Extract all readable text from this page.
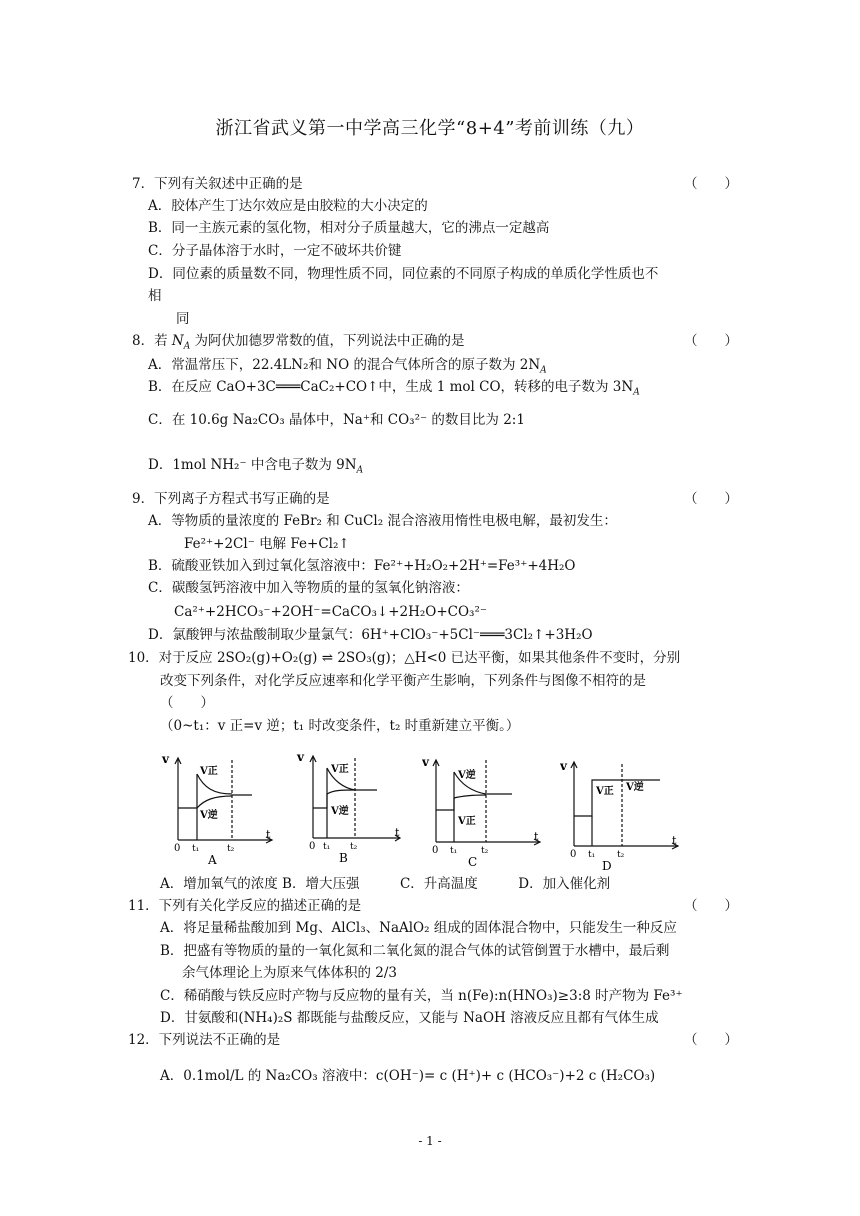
浙江省武义第一中学高三化学“8+4”考前训练（九）
7．下列有关叙述中正确的是	（　　）
A．胶体产生丁达尔效应是由胶粒的大小决定的
B．同一主族元素的氢化物，相对分子质量越大，它的沸点一定越高
C．分子晶体溶于水时，一定不破坏共价键
D．同位素的质量数不同，物理性质不同，同位素的不同原子构成的单质化学性质也不
相
同
8．若 $N_A$ 为阿伏加德罗常数的值，下列说法中正确的是	（　　）
A．常温常压下，22.4LN₂和 NO 的混合气体所含的原子数为 $2N_A$
B．在反应 CaO+3C═══CaC₂+CO↑中，生成 1 mol CO，转移的电子数为 $3N_A$
C．在 10.6g Na₂CO₃ 晶体中，Na⁺和 CO₃²⁻ 的数目比为 2:1
D．1mol NH₂⁻ 中含电子数为 $9N_A$
9．下列离子方程式书写正确的是	（　　）
A．等物质的量浓度的 FeBr₂ 和 CuCl₂ 混合溶液用惰性电极电解，最初发生：
Fe²⁺+2Cl⁻ 电解 Fe+Cl₂↑
B．硫酸亚铁加入到过氧化氢溶液中：Fe²⁺+H₂O₂+2H⁺=Fe³⁺+4H₂O
C．碳酸氢钙溶液中加入等物质的量的氢氧化钠溶液：
Ca²⁺+2HCO₃⁻+2OH⁻=CaCO₃↓+2H₂O+CO₃²⁻
D．氯酸钾与浓盐酸制取少量氯气：6H⁺+ClO₃⁻+5Cl⁻═══3Cl₂↑+3H₂O
10．对于反应 2SO₂(g)+O₂(g) ⇌ 2SO₃(g)；△H<0 已达平衡，如果其他条件不变时，分别
改变下列条件，对化学反应速率和化学平衡产生影响，下列条件与图像不相符的是
（　　）
（0~t₁：v 正=v 逆；t₁ 时改变条件，t₂ 时重新建立平衡。）
v
V正
V逆
0 t₁	t₂
t
A
v
V正
V逆
0 t₁ t₂
t
B
v
V逆
V正
0 t₁	t₂
t
C
v
V正 V逆
0 t₁ t₂
t
D
A．增加氧气的浓度 B．增大压强　　　C．升高温度　　　D．加入催化剂
11．下列有关化学反应的描述正确的是	（　　）
A．将足量稀盐酸加到 Mg、AlCl₃、NaAlO₂ 组成的固体混合物中，只能发生一种反应
B．把盛有等物质的量的一氧化氮和二氧化氮的混合气体的试管倒置于水槽中，最后剩
余气体理论上为原来气体体积的 2/3
C．稀硝酸与铁反应时产物与反应物的量有关，当 n(Fe):n(HNO₃)≥3:8 时产物为 Fe³⁺
D．甘氨酸和(NH₄)₂S 都既能与盐酸反应，又能与 NaOH 溶液反应且都有气体生成
12．下列说法不正确的是	（　　）
A．0.1mol/L 的 Na₂CO₃ 溶液中：c(OH⁻)= c (H⁺)+ c (HCO₃⁻)+2 c (H₂CO₃)
- 1 -
